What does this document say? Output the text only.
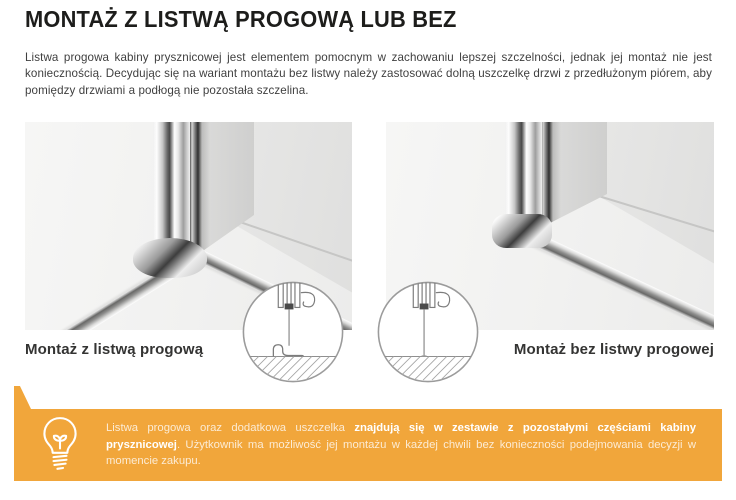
MONTAŻ Z LISTWĄ PROGOWĄ LUB BEZ

Listwa progowa kabiny prysznicowej jest elementem pomocnym w zachowaniu lepszej szczelności, jednak jej montaż nie jest koniecznością. Decydując się na wariant montażu bez listwy należy zastosować dolną uszczelkę drzwi z przedłużonym piórem, aby pomiędzy drzwiami a podłogą nie pozostała szczelina.

Montaż z listwą progową	Montaż bez listwy progowej

Listwa progowa oraz dodatkowa uszczelka znajdują się w zestawie z pozostałymi częściami kabiny prysznicowej. Użytkownik ma możliwość jej montażu w każdej chwili bez konieczności podejmowania decyzji w momencie zakupu.
